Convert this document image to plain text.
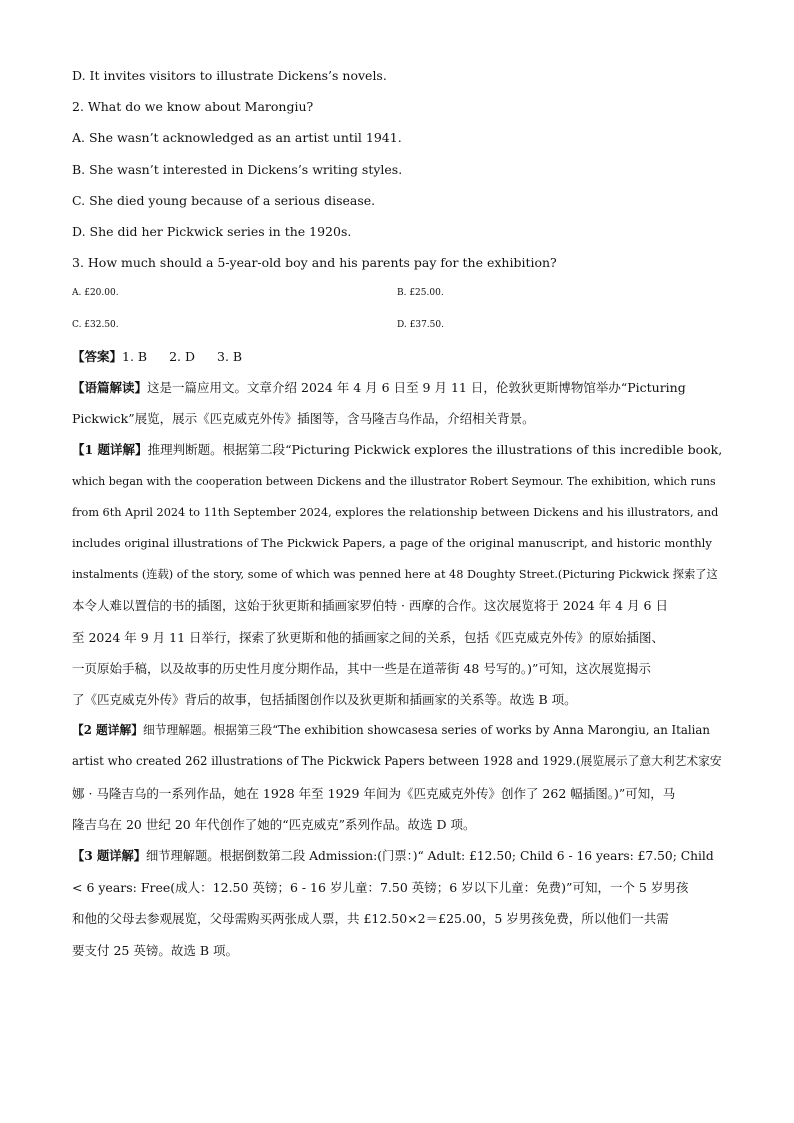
D. It invites visitors to illustrate Dickens’s novels.

2. What do we know about Marongiu?

A. She wasn’t acknowledged as an artist until 1941.

B. She wasn’t interested in Dickens’s writing styles.

C. She died young because of a serious disease.

D. She did her Pickwick series in the 1920s.

3. How much should a 5-year-old boy and his parents pay for the exhibition?

A. £20.00.	B. £25.00.

C. £32.50.	D. £37.50.

【答案】1. B 2. D 3. B

【语篇解读】这是一篇应用文。文章介绍 2024 年 4 月 6 日至 9 月 11 日，伦敦狄更斯博物馆举办“Picturing

Pickwick”展览，展示《匹克威克外传》插图等，含马隆吉乌作品，介绍相关背景。

【1 题详解】推理判断题。根据第二段“Picturing Pickwick explores the illustrations of this incredible book,

which began with the cooperation between Dickens and the illustrator Robert Seymour. The exhibition, which runs

from 6th April 2024 to 11th September 2024, explores the relationship between Dickens and his illustrators, and

includes original illustrations of The Pickwick Papers, a page of the original manuscript, and historic monthly

instalments (连载) of the story, some of which was penned here at 48 Doughty Street.(Picturing Pickwick 探索了这

本令人难以置信的书的插图，这始于狄更斯和插画家罗伯特 · 西摩的合作。这次展览将于 2024 年 4 月 6 日

至 2024 年 9 月 11 日举行，探索了狄更斯和他的插画家之间的关系，包括《匹克威克外传》的原始插图、

一页原始手稿，以及故事的历史性月度分期作品，其中一些是在道蒂街 48 号写的。)”可知，这次展览揭示

了《匹克威克外传》背后的故事，包括插图创作以及狄更斯和插画家的关系等。故选 B 项。

【2 题详解】细节理解题。根据第三段“The exhibition showcasesa series of works by Anna Marongiu, an Italian

artist who created 262 illustrations of The Pickwick Papers between 1928 and 1929.(展览展示了意大利艺术家安

娜 · 马隆吉乌的一系列作品，她在 1928 年至 1929 年间为《匹克威克外传》创作了 262 幅插图。)”可知，马

隆吉乌在 20 世纪 20 年代创作了她的“匹克威克”系列作品。故选 D 项。

【3 题详解】细节理解题。根据倒数第二段 Admission:(门票：)“ Adult: £12.50; Child 6 - 16 years: £7.50; Child

< 6 years: Free(成人：12.50 英镑；6 - 16 岁儿童：7.50 英镑；6 岁以下儿童：免费)”可知，一个 5 岁男孩

和他的父母去参观展览，父母需购买两张成人票，共 £12.50×2＝£25.00，5 岁男孩免费，所以他们一共需

要支付 25 英镑。故选 B 项。
